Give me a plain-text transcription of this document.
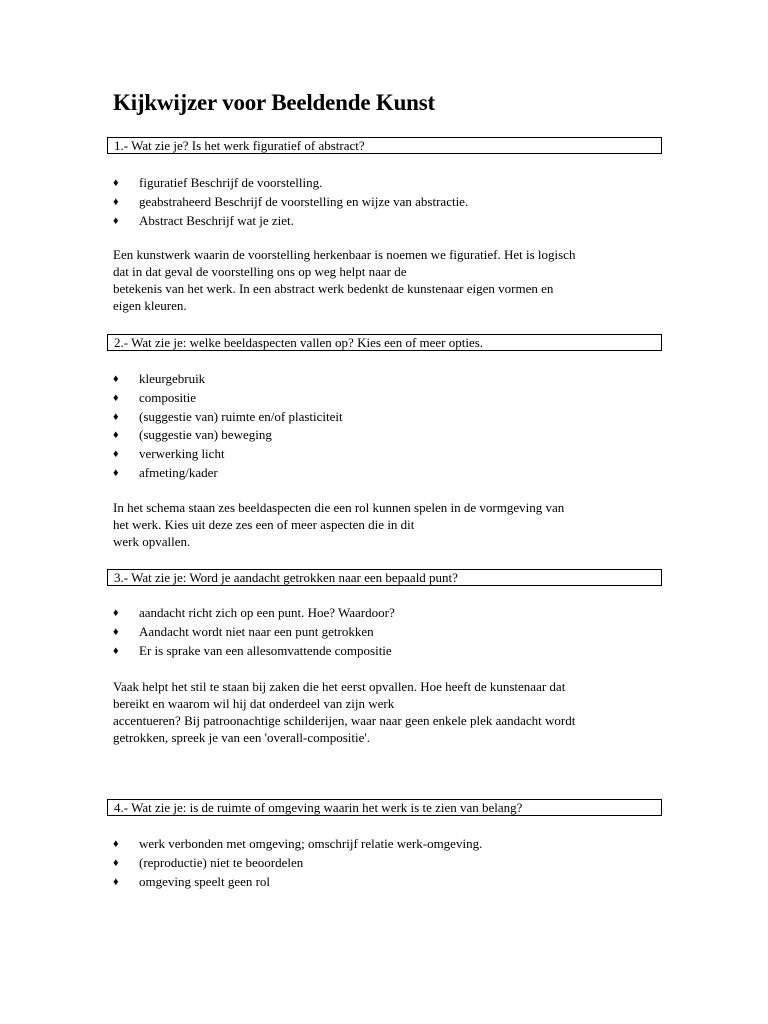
Kijkwijzer voor Beeldende Kunst
1.- Wat zie je? Is het werk figuratief of abstract?
♦ figuratief Beschrijf de voorstelling.
♦ geabstraheerd Beschrijf de voorstelling en wijze van abstractie.
♦ Abstract Beschrijf wat je ziet.
Een kunstwerk waarin de voorstelling herkenbaar is noemen we figuratief. Het is logisch
dat in dat geval de voorstelling ons op weg helpt naar de
betekenis van het werk. In een abstract werk bedenkt de kunstenaar eigen vormen en
eigen kleuren.
2.- Wat zie je: welke beeldaspecten vallen op? Kies een of meer opties.
♦ kleurgebruik
♦ compositie
♦ (suggestie van) ruimte en/of plasticiteit
♦ (suggestie van) beweging
♦ verwerking licht
♦ afmeting/kader
In het schema staan zes beeldaspecten die een rol kunnen spelen in de vormgeving van
het werk. Kies uit deze zes een of meer aspecten die in dit
werk opvallen.
3.- Wat zie je: Word je aandacht getrokken naar een bepaald punt?
♦ aandacht richt zich op een punt. Hoe? Waardoor?
♦ Aandacht wordt niet naar een punt getrokken
♦ Er is sprake van een allesomvattende compositie
Vaak helpt het stil te staan bij zaken die het eerst opvallen. Hoe heeft de kunstenaar dat
bereikt en waarom wil hij dat onderdeel van zijn werk
accentueren? Bij patroonachtige schilderijen, waar naar geen enkele plek aandacht wordt
getrokken, spreek je van een 'overall-compositie'.
4.- Wat zie je: is de ruimte of omgeving waarin het werk is te zien van belang?
♦ werk verbonden met omgeving; omschrijf relatie werk-omgeving.
♦ (reproductie) niet te beoordelen
♦ omgeving speelt geen rol
